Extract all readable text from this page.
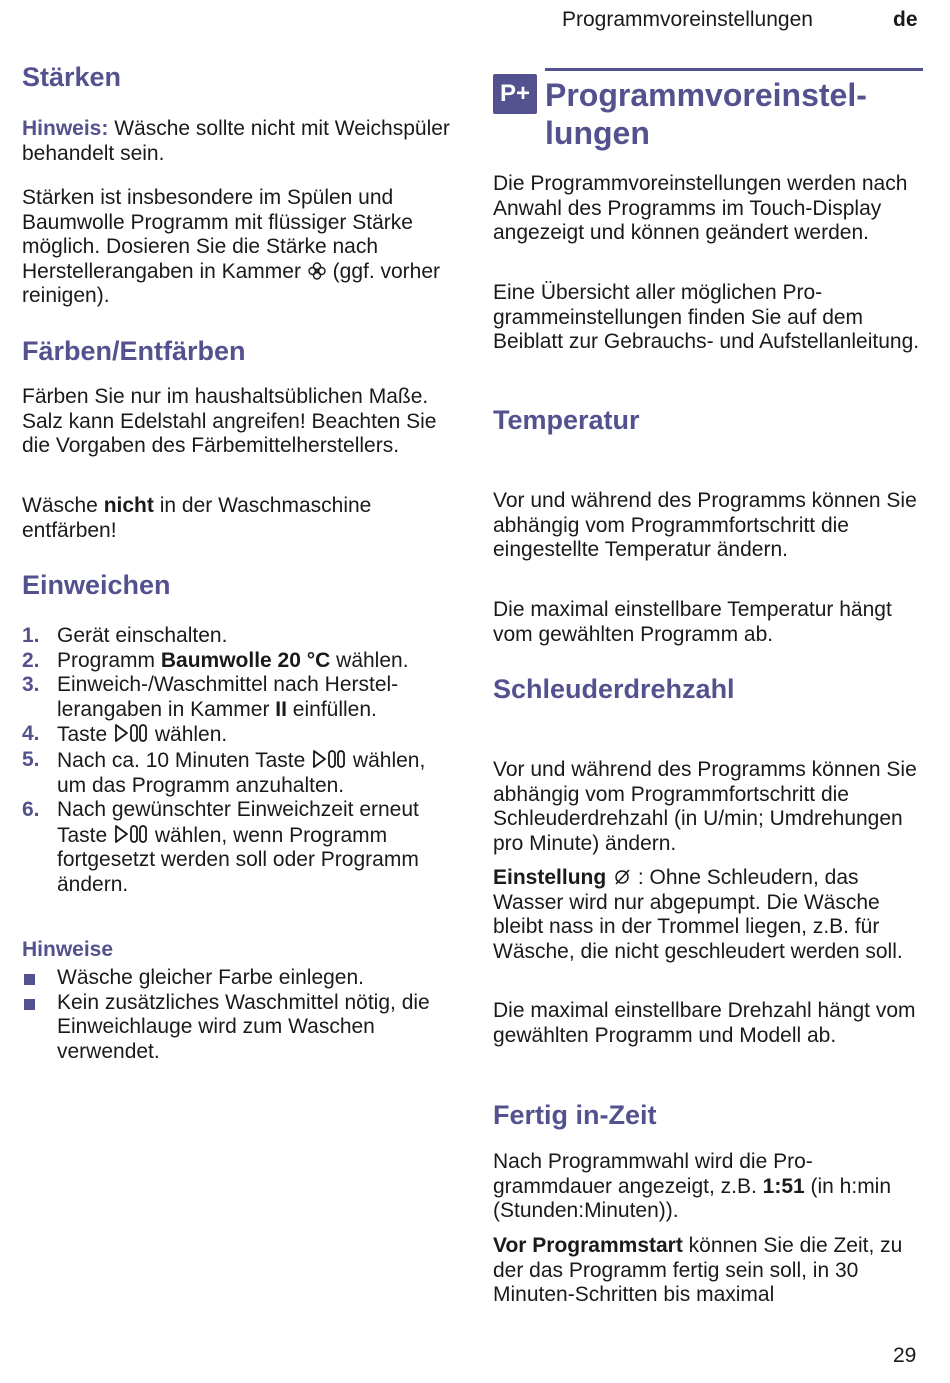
Programmvoreinstellungen	de
Stärken

Hinweis: Wäsche sollte nicht mit Weichspüler behandelt sein.

Stärken ist insbesondere im Spülen und Baumwolle Programm mit flüssiger Stärke möglich. Dosieren Sie die Stärke nach Herstellerangaben in Kammer  (ggf. vorher reinigen).

Färben/Entfärben

Färben Sie nur im haushaltsüblichen Maße. Salz kann Edelstahl angreifen! Beachten Sie die Vorgaben des Färbemittelherstellers.

Wäsche nicht in der Waschmaschine entfärben!

Einweichen
1. Gerät einschalten.
2. Programm Baumwolle 20 °C wählen.
3. Einweich-/Waschmittel nach Herstellerangaben in Kammer II einfüllen.
4. Taste  wählen.
5. Nach ca. 10 Minuten Taste  wählen, um das Programm anzuhalten.
6. Nach gewünschter Einweichzeit erneut Taste  wählen, wenn Programm fortgesetzt werden soll oder Programm ändern.
Hinweise
Wäsche gleicher Farbe einlegen.
Kein zusätzliches Waschmittel nötig, die Einweichlauge wird zum Waschen verwendet.
P+ Programmvoreinstellungen

Die Programmvoreinstellungen werden nach Anwahl des Programms im Touch-Display angezeigt und können geändert werden.

Eine Übersicht aller möglichen Programmeinstellungen finden Sie auf dem Beiblatt zur Gebrauchs- und Aufstellanleitung.

Temperatur

Vor und während des Programms können Sie abhängig vom Programmfortschritt die eingestellte Temperatur ändern.

Die maximal einstellbare Temperatur hängt vom gewählten Programm ab.

Schleuderdrehzahl

Vor und während des Programms können Sie abhängig vom Programmfortschritt die Schleuderdrehzahl (in U/min; Umdrehungen pro Minute) ändern.

Einstellung  : Ohne Schleudern, das Wasser wird nur abgepumpt. Die Wäsche bleibt nass in der Trommel liegen, z.B. für Wäsche, die nicht geschleudert werden soll.

Die maximal einstellbare Drehzahl hängt vom gewählten Programm und Modell ab.

Fertig in-Zeit

Nach Programmwahl wird die Programmdauer angezeigt, z.B. 1:51 (in h:min (Stunden:Minuten)).

Vor Programmstart können Sie die Zeit, zu der das Programm fertig sein soll, in 30 Minuten-Schritten bis maximal

29
